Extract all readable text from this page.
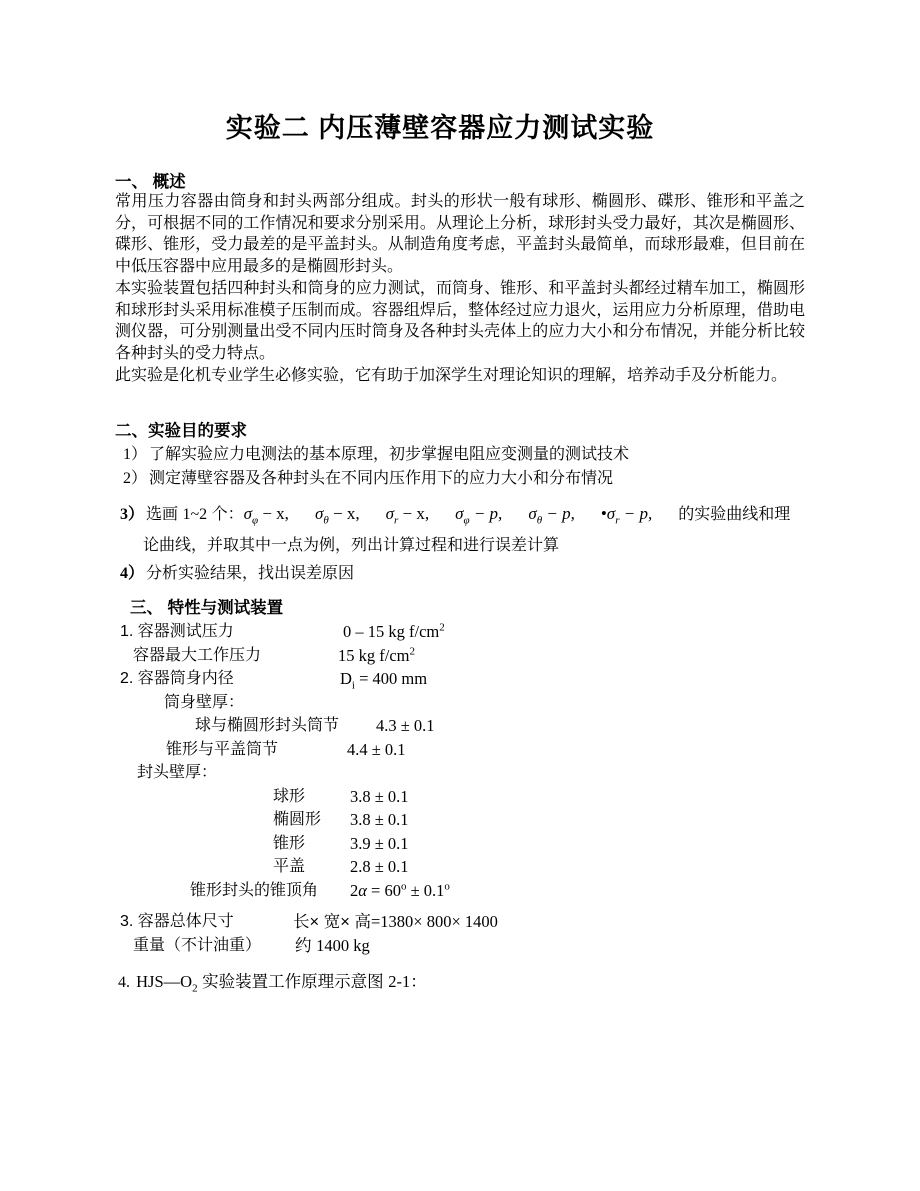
实验二 内压薄壁容器应力测试实验
一、 概述

常用压力容器由筒身和封头两部分组成。封头的形状一般有球形、椭圆形、碟形、锥形和平盖之分，可根据不同的工作情况和要求分别采用。从理论上分析，球形封头受力最好，其次是椭圆形、碟形、锥形，受力最差的是平盖封头。从制造角度考虑，平盖封头最简单，而球形最难，但目前在中低压容器中应用最多的是椭圆形封头。

本实验装置包括四种封头和筒身的应力测试，而筒身、锥形、和平盖封头都经过精车加工，椭圆形和球形封头采用标准模子压制而成。容器组焊后，整体经过应力退火，运用应力分析原理，借助电测仪器，可分别测量出受不同内压时筒身及各种封头壳体上的应力大小和分布情况，并能分析比较各种封头的受力特点。

此实验是化机专业学生必修实验，它有助于加深学生对理论知识的理解，培养动手及分析能力。

二、实验目的要求
1） 了解实验应力电测法的基本原理，初步掌握电阻应变测量的测试技术
2） 测定薄壁容器及各种封头在不同内压作用下的应力大小和分布情况
3） 选画 1~2 个：$\sigma_\varphi - x$, $\sigma_\theta - x$, $\sigma_r - x$, $\sigma_\varphi - p$, $\sigma_\theta - p$, $•\sigma_r - p$, 的实验曲线和理
论曲线，并取其中一点为例，列出计算过程和进行误差计算
4） 分析实验结果，找出误差原因
三、 特性与测试装置
1. 容器测试压力	0 – 15 kg $f/cm^2$
容器最大工作压力	15 kg $f/cm^2$
2. 容器筒身内径	$D_i = 400$ mm
筒身壁厚：
球与椭圆形封头筒节 4.3 ± 0.1
锥形与平盖筒节	4.4 ± 0.1
封头壁厚：
球形	3.8 ± 0.1
椭圆形 3.8 ± 0.1
锥形	3.9 ± 0.1
平盖	2.8 ± 0.1
锥形封头的锥顶角 $2\alpha = 60^o \pm 0.1^o$
3. 容器总体尺寸	长× 宽× 高=1380× 800× 1400
重量（不计油重） 约 1400 kg
4. $HJS—O_2$ 实验装置工作原理示意图 2-1：
